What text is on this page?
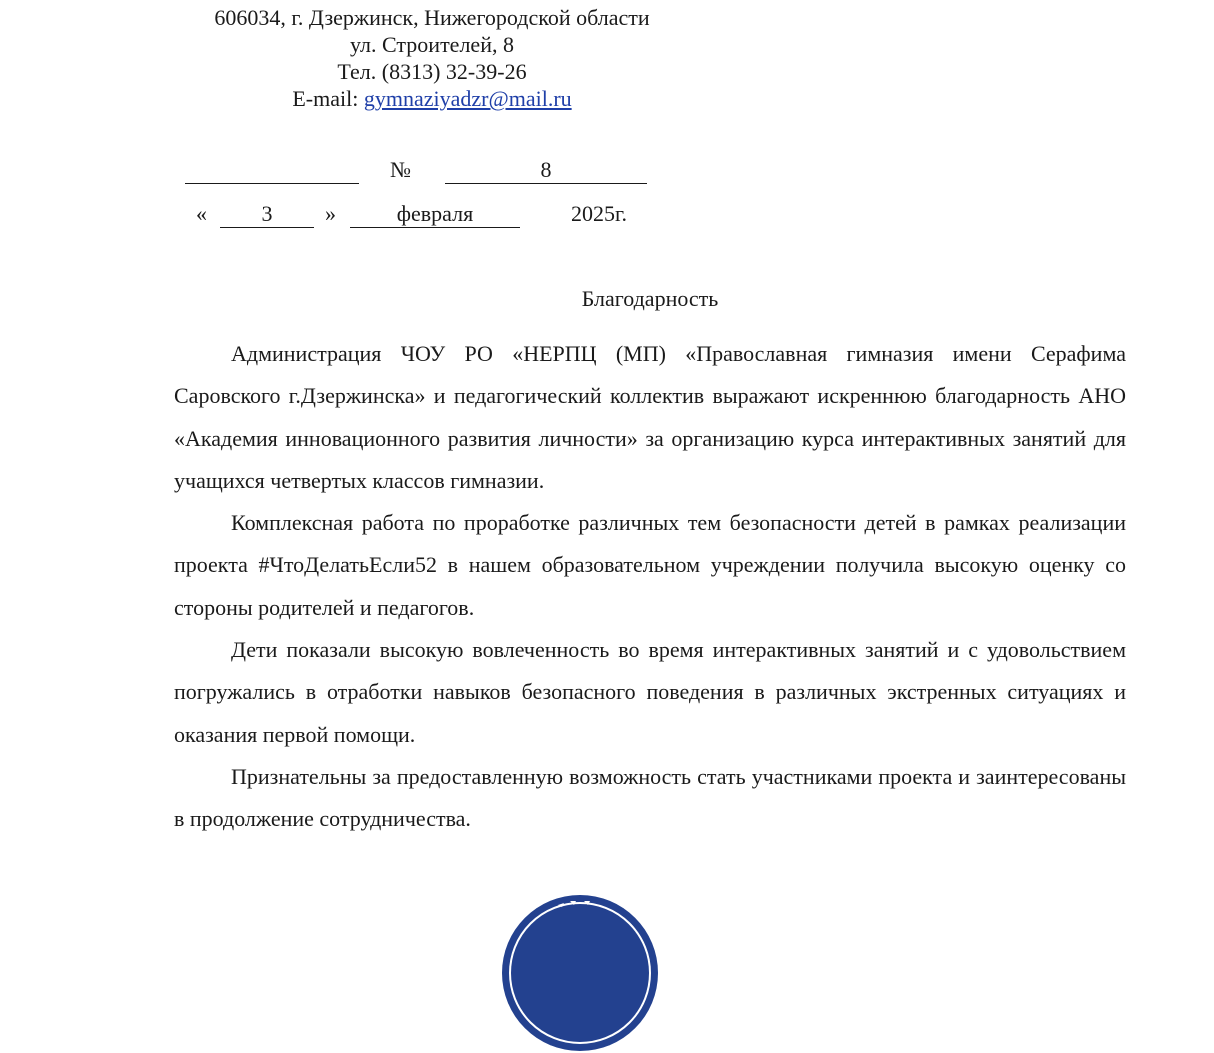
606034, г. Дзержинск, Нижегородской области
ул. Строителей, 8
Тел. (8313) 32-39-26
E-mail: gymnaziyadzr@mail.ru
№	8
«	3	»	февраля	2025г.
Благодарность

Администрация ЧОУ РО «НЕРПЦ (МП) «Православная гимназия имени Серафима Саровского г.Дзержинска» и педагогический коллектив выражают искреннюю благодарность АНО «Академия инновационного развития личности» за организацию курса интерактивных занятий для учащихся четвертых классов гимназии.

Комплексная работа по проработке различных тем безопасности детей в рамках реализации проекта #ЧтоДелатьЕсли52 в нашем образовательном учреждении получила высокую оценку со стороны родителей и педагогов.

Дети показали высокую вовлеченность во время интерактивных занятий и с удовольствием погружались в отработки навыков безопасного поведения в различных экстренных ситуациях и оказания первой помощи.

Признательны за предоставленную возможность стать участниками проекта и заинтересованы в продолжение сотрудничества.
